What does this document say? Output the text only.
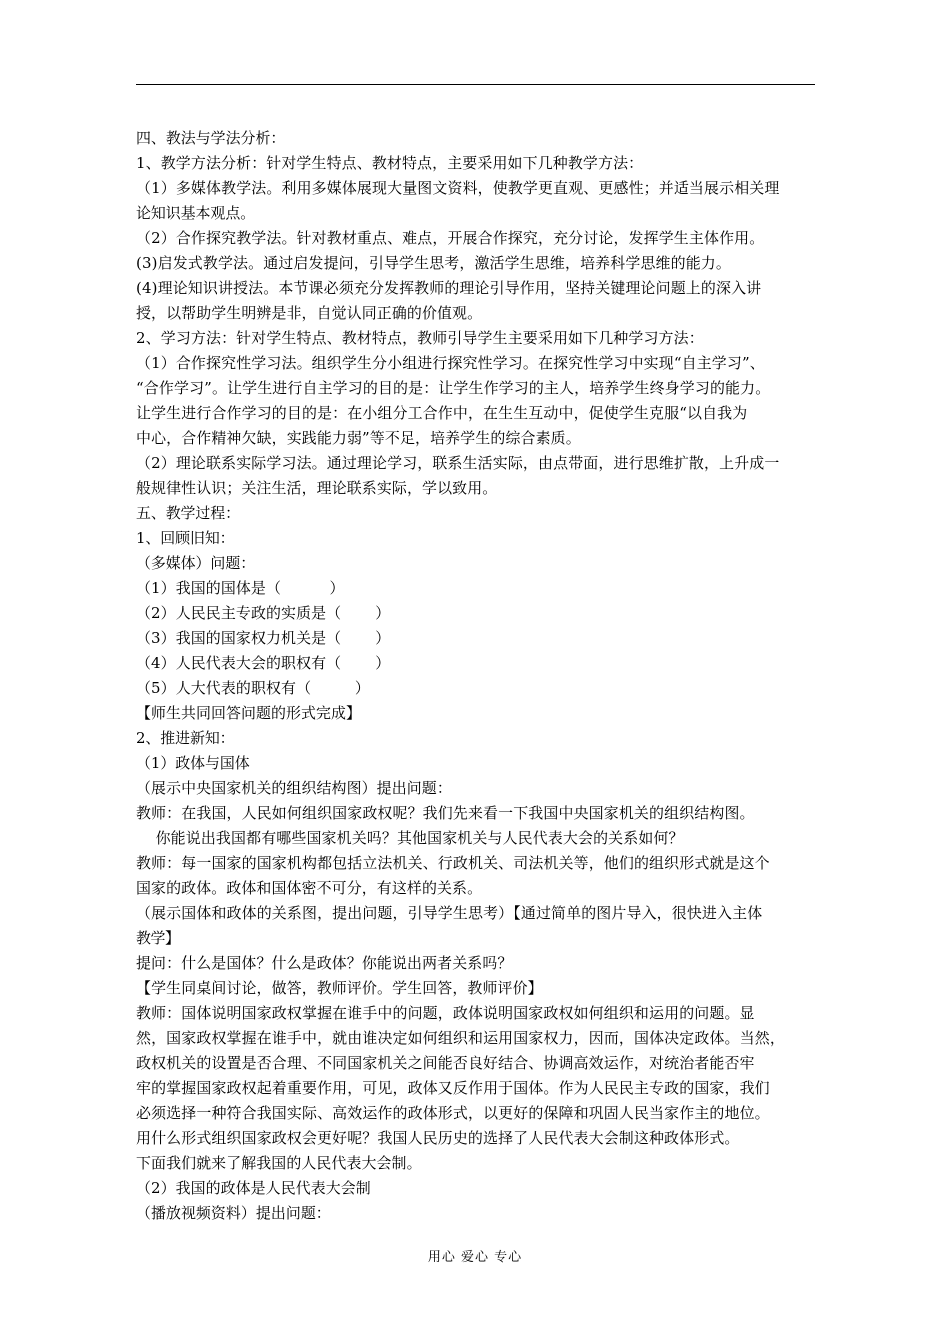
四、教法与学法分析：
1、教学方法分析：针对学生特点、教材特点，主要采用如下几种教学方法：
（1）多媒体教学法。利用多媒体展现大量图文资料，使教学更直观、更感性；并适当展示相关理
论知识基本观点。
（2）合作探究教学法。针对教材重点、难点，开展合作探究，充分讨论，发挥学生主体作用。
(3)启发式教学法。通过启发提问，引导学生思考，激活学生思维，培养科学思维的能力。
(4)理论知识讲授法。本节课必须充分发挥教师的理论引导作用，坚持关键理论问题上的深入讲
授，以帮助学生明辨是非，自觉认同正确的价值观。
2、学习方法：针对学生特点、教材特点，教师引导学生主要采用如下几种学习方法：
（1）合作探究性学习法。组织学生分小组进行探究性学习。在探究性学习中实现“自主学习”、
“合作学习”。让学生进行自主学习的目的是：让学生作学习的主人，培养学生终身学习的能力。
让学生进行合作学习的目的是：在小组分工合作中，在生生互动中，促使学生克服“以自我为
中心，合作精神欠缺，实践能力弱”等不足，培养学生的综合素质。
（2）理论联系实际学习法。通过理论学习，联系生活实际，由点带面，进行思维扩散，上升成一
般规律性认识；关注生活，理论联系实际，学以致用。
五、教学过程：
1、回顾旧知：
（多媒体）问题：
（1）我国的国体是（          ）
（2）人民民主专政的实质是（       ）
（3）我国的国家权力机关是（       ）
（4）人民代表大会的职权有（       ）
（5）人大代表的职权有（         ）
【师生共同回答问题的形式完成】
2、推进新知：
（1）政体与国体
（展示中央国家机关的组织结构图）提出问题：
教师：在我国，人民如何组织国家政权呢？我们先来看一下我国中央国家机关的组织结构图。
你能说出我国都有哪些国家机关吗？其他国家机关与人民代表大会的关系如何？
教师：每一国家的国家机构都包括立法机关、行政机关、司法机关等，他们的组织形式就是这个
国家的政体。政体和国体密不可分，有这样的关系。
（展示国体和政体的关系图，提出问题，引导学生思考）【通过简单的图片导入，很快进入主体
教学】
提问：什么是国体？什么是政体？你能说出两者关系吗？
【学生同桌间讨论，做答，教师评价。学生回答，教师评价】
教师：国体说明国家政权掌握在谁手中的问题，政体说明国家政权如何组织和运用的问题。显
然，国家政权掌握在谁手中，就由谁决定如何组织和运用国家权力，因而，国体决定政体。当然，
政权机关的设置是否合理、不同国家机关之间能否良好结合、协调高效运作，对统治者能否牢
牢的掌握国家政权起着重要作用，可见，政体又反作用于国体。作为人民民主专政的国家，我们
必须选择一种符合我国实际、高效运作的政体形式，以更好的保障和巩固人民当家作主的地位。
用什么形式组织国家政权会更好呢？我国人民历史的选择了人民代表大会制这种政体形式。
下面我们就来了解我国的人民代表大会制。
（2）我国的政体是人民代表大会制
（播放视频资料）提出问题：
用心 爱心 专心
